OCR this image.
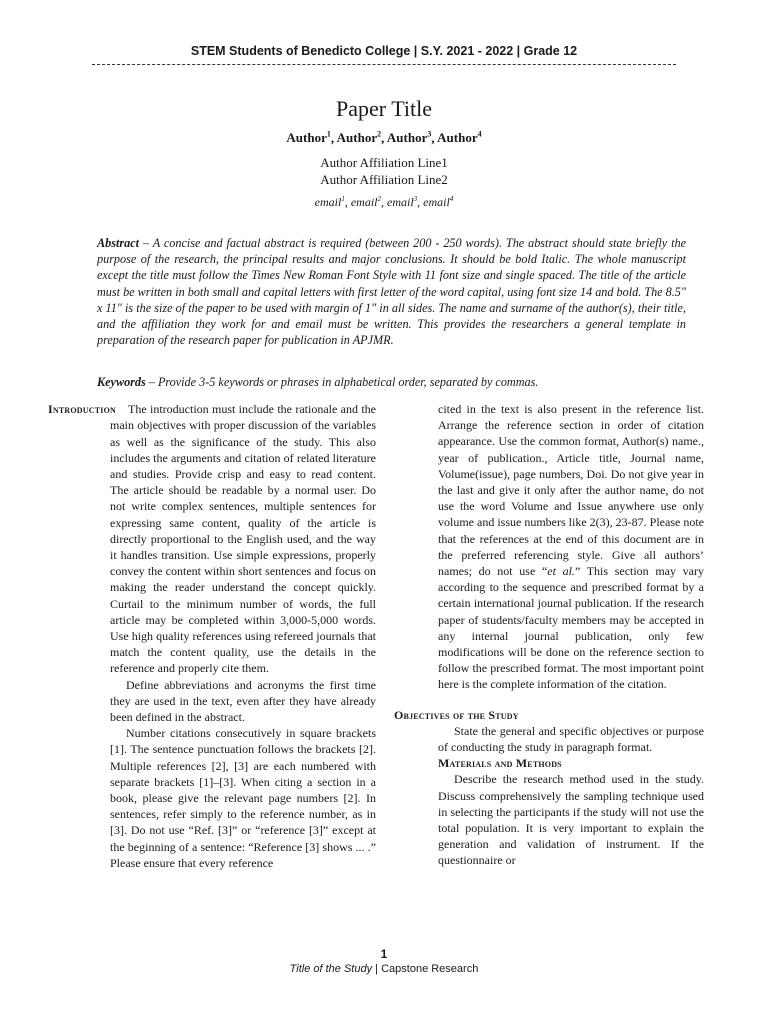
STEM Students of Benedicto College | S.Y. 2021 - 2022 | Grade 12
Paper Title
Author$^1$, Author$^2$, Author$^3$, Author$^4$
Author Affiliation Line1
Author Affiliation Line2
email$^1$, email$^2$, email$^3$, email$^4$

Abstract – A concise and factual abstract is required (between 200 - 250 words). The abstract should state briefly the purpose of the research, the principal results and major conclusions. It should be bold Italic. The whole manuscript except the title must follow the Times New Roman Font Style with 11 font size and single spaced. The title of the article must be written in both small and capital letters with first letter of the word capital, using font size 14 and bold. The 8.5" x 11" is the size of the paper to be used with margin of 1" in all sides. The name and surname of the author(s), their title, and the affiliation they work for and email must be written. This provides the researchers a general template in preparation of the research paper for publication in APJMR.

Keywords – Provide 3-5 keywords or phrases in alphabetical order, separated by commas.

Introduction	The introduction must include the rationale and the main objectives with proper discussion of the variables as well as the significance of the study. This also includes the arguments and citation of related literature and studies. Provide crisp and easy to read content. The article should be readable by a normal user. Do not write complex sentences, multiple sentences for expressing same content, quality of the article is directly proportional to the English used, and the way it handles transition. Use simple expressions, properly convey the content within short sentences and focus on making the reader understand the concept quickly. Curtail to the minimum number of words, the full article may be completed within 3,000-5,000 words. Use high quality references using refereed journals that match the content quality, use the details in the reference and properly cite them.

Define abbreviations and acronyms the first time they are used in the text, even after they have already been defined in the abstract.

Number citations consecutively in square brackets [1]. The sentence punctuation follows the brackets [2]. Multiple references [2], [3] are each numbered with separate brackets [1]–[3]. When citing a section in a book, please give the relevant page numbers [2]. In sentences, refer simply to the reference number, as in [3]. Do not use “Ref. [3]” or “reference [3]” except at the beginning of a sentence: “Reference [3] shows ... .” Please ensure that every reference

cited in the text is also present in the reference list. Arrange the reference section in order of citation appearance. Use the common format, Author(s) name., year of publication., Article title, Journal name, Volume(issue), page numbers, Doi. Do not give year in the last and give it only after the author name, do not use the word Volume and Issue anywhere use only volume and issue numbers like 2(3), 23-87. Please note that the references at the end of this document are in the preferred referencing style. Give all authors’ names; do not use “et al.” This section may vary according to the sequence and prescribed format by a certain international journal publication. If the research paper of students/faculty members may be accepted in any internal journal publication, only few modifications will be done on the reference section to follow the prescribed format. The most important point here is the complete information of the citation.

Objectives of the Study

State the general and specific objectives or purpose of conducting the study in paragraph format.

Materials and Methods

Describe the research method used in the study. Discuss comprehensively the sampling technique used in selecting the participants if the study will not use the total population. It is very important to explain the generation and validation of instrument. If the questionnaire or

1
Title of the Study | Capstone Research
